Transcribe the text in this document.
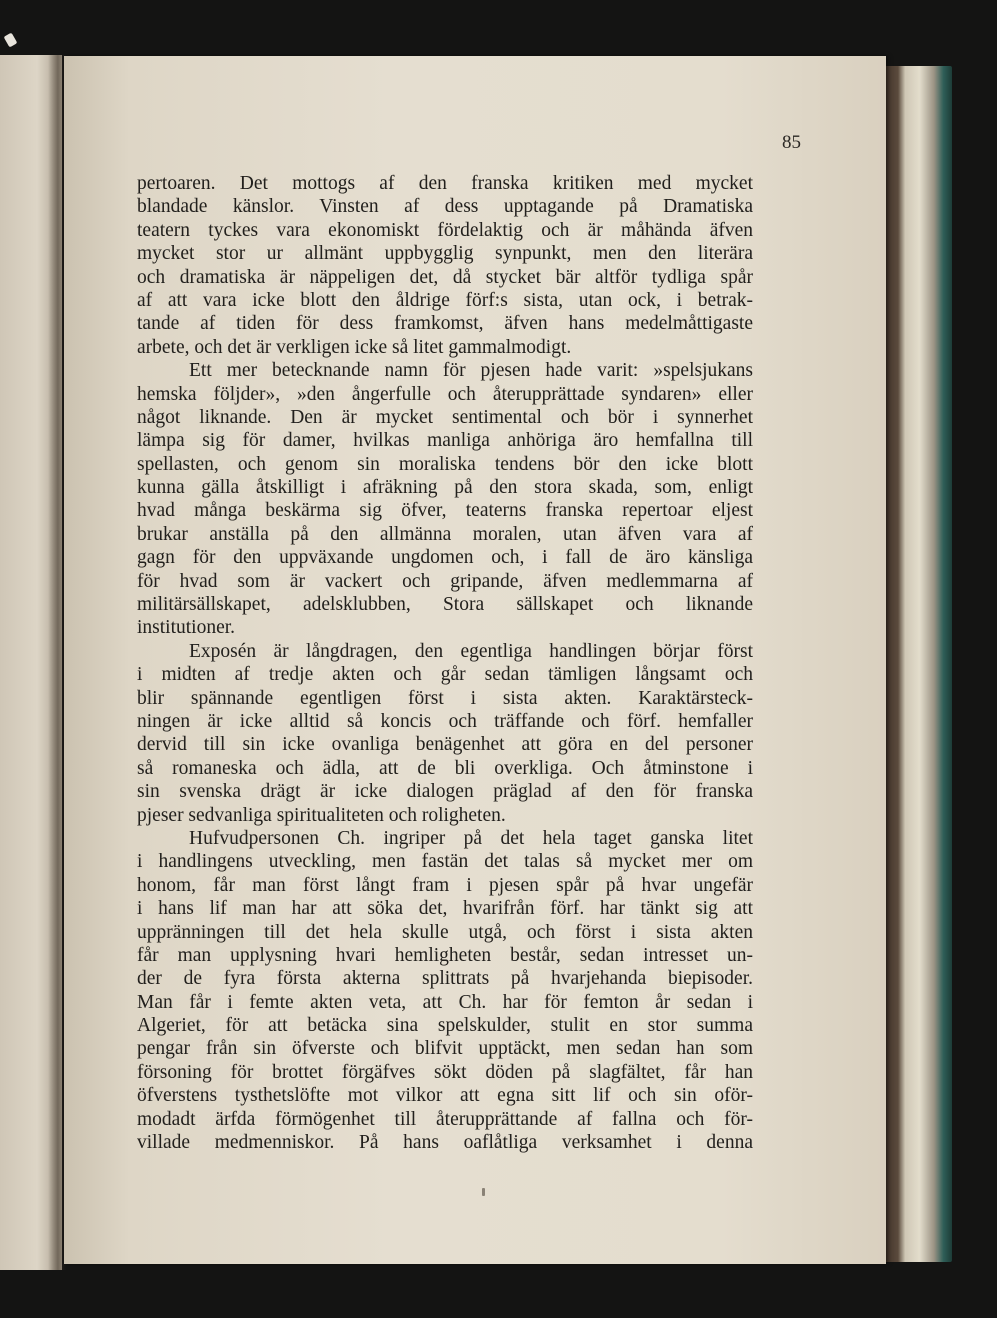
85
pertoaren. Det mottogs af den franska kritiken med mycket
blandade känslor. Vinsten af dess upptagande på Dramatiska
teatern tyckes vara ekonomiskt fördelaktig och är måhända äfven
mycket stor ur allmänt uppbygglig synpunkt, men den literära
och dramatiska är näppeligen det, då stycket bär altför tydliga spår
af att vara icke blott den åldrige förf:s sista, utan ock, i betrak-
tande af tiden för dess framkomst, äfven hans medelmåttigaste
arbete, och det är verkligen icke så litet gammalmodigt.
Ett mer betecknande namn för pjesen hade varit: »spelsjukans
hemska följder», »den ångerfulle och återupprättade syndaren» eller
något liknande. Den är mycket sentimental och bör i synnerhet
lämpa sig för damer, hvilkas manliga anhöriga äro hemfallna till
spellasten, och genom sin moraliska tendens bör den icke blott
kunna gälla åtskilligt i afräkning på den stora skada, som, enligt
hvad många beskärma sig öfver, teaterns franska repertoar eljest
brukar anställa på den allmänna moralen, utan äfven vara af
gagn för den uppväxande ungdomen och, i fall de äro känsliga
för hvad som är vackert och gripande, äfven medlemmarna af
militärsällskapet, adelsklubben, Stora sällskapet och liknande
institutioner.
Exposén är långdragen, den egentliga handlingen börjar först
i midten af tredje akten och går sedan tämligen långsamt och
blir spännande egentligen först i sista akten. Karaktärsteck-
ningen är icke alltid så koncis och träffande och förf. hemfaller
dervid till sin icke ovanliga benägenhet att göra en del personer
så romaneska och ädla, att de bli overkliga. Och åtminstone i
sin svenska drägt är icke dialogen präglad af den för franska
pjeser sedvanliga spiritualiteten och roligheten.
Hufvudpersonen Ch. ingriper på det hela taget ganska litet
i handlingens utveckling, men fastän det talas så mycket mer om
honom, får man först långt fram i pjesen spår på hvar ungefär
i hans lif man har att söka det, hvarifrån förf. har tänkt sig att
uppränningen till det hela skulle utgå, och först i sista akten
får man upplysning hvari hemligheten består, sedan intresset un-
der de fyra första akterna splittrats på hvarjehanda biepisoder.
Man får i femte akten veta, att Ch. har för femton år sedan i
Algeriet, för att betäcka sina spelskulder, stulit en stor summa
pengar från sin öfverste och blifvit upptäckt, men sedan han som
försoning för brottet förgäfves sökt döden på slagfältet, får han
öfverstens tysthetslöfte mot vilkor att egna sitt lif och sin oför-
modadt ärfda förmögenhet till återupprättande af fallna och för-
villade medmenniskor. På hans oaflåtliga verksamhet i denna
